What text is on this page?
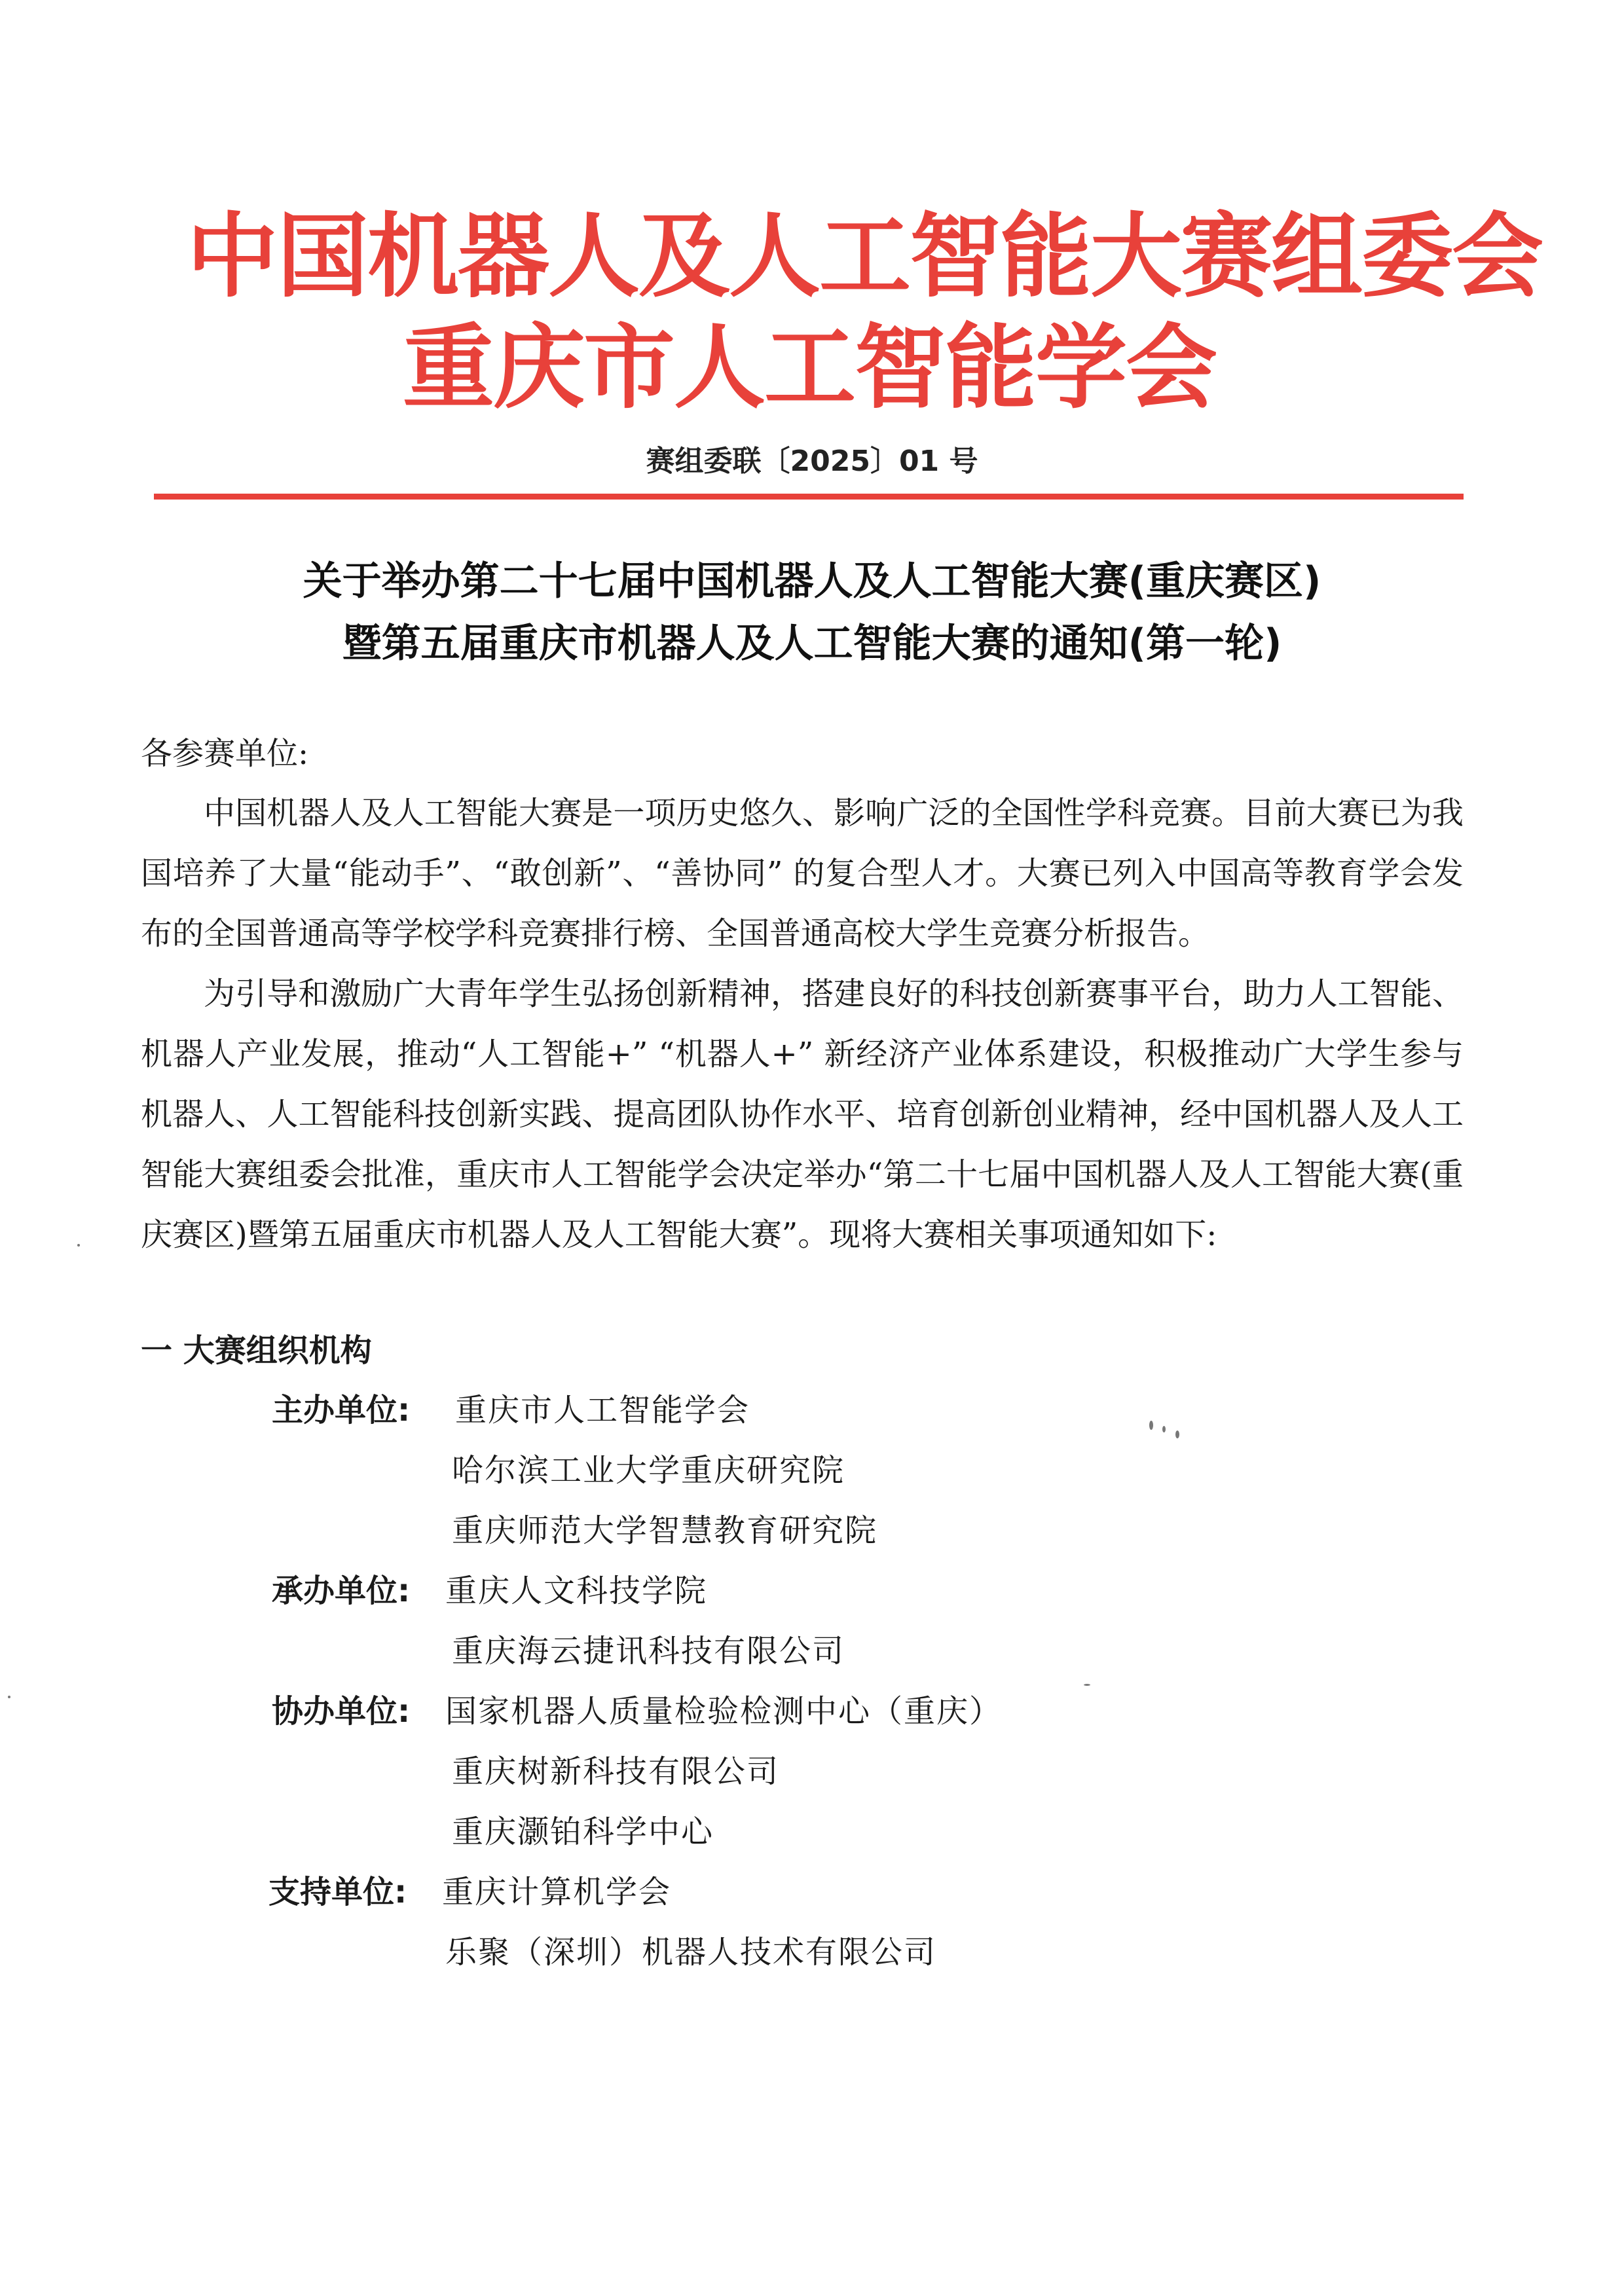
中国机器人及人工智能大赛组委会
重庆市人工智能学会
赛组委联〔2025〕01 号
关于举办第二十七届中国机器人及人工智能大赛(重庆赛区)
暨第五届重庆市机器人及人工智能大赛的通知(第一轮)
各参赛单位:
中国机器人及人工智能大赛是一项历史悠久、影响广泛的全国性学科竞赛。目前大赛已为我国培养了大量“能动手”、“敢创新”、“善协同” 的复合型人才。大赛已列入中国高等教育学会发布的全国普通高等学校学科竞赛排行榜、全国普通高校大学生竞赛分析报告。
为引导和激励广大青年学生弘扬创新精神，搭建良好的科技创新赛事平台，助力人工智能、机器人产业发展，推动“人工智能+” “机器人+” 新经济产业体系建设，积极推动广大学生参与机器人、人工智能科技创新实践、提高团队协作水平、培育创新创业精神，经中国机器人及人工智能大赛组委会批准，重庆市人工智能学会决定举办“第二十七届中国机器人及人工智能大赛(重庆赛区)暨第五届重庆市机器人及人工智能大赛”。现将大赛相关事项通知如下:
一 大赛组织机构
主办单位: 重庆市人工智能学会
哈尔滨工业大学重庆研究院
重庆师范大学智慧教育研究院
承办单位: 重庆人文科技学院
重庆海云捷讯科技有限公司
协办单位: 国家机器人质量检验检测中心（重庆）
重庆树新科技有限公司
重庆灏铂科学中心
支持单位: 重庆计算机学会
乐聚（深圳）机器人技术有限公司
